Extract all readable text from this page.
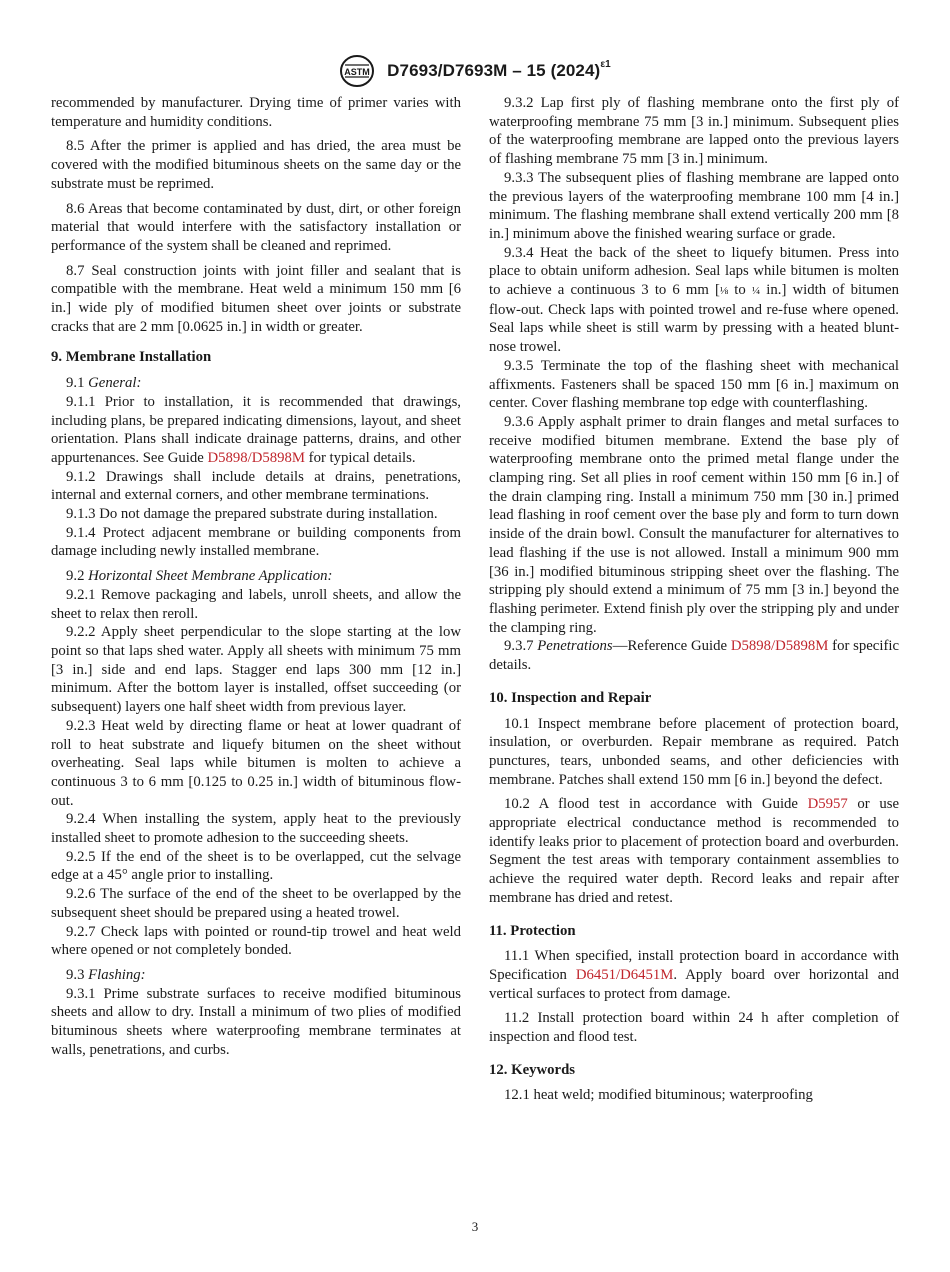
ASTM D7693/D7693M – 15 $(2024)^{\varepsilon 1}$

recommended by manufacturer. Drying time of primer varies with temperature and humidity conditions.

8.5 After the primer is applied and has dried, the area must be covered with the modified bituminous sheets on the same day or the substrate must be reprimed.

8.6 Areas that become contaminated by dust, dirt, or other foreign material that would interfere with the satisfactory installation or performance of the system shall be cleaned and reprimed.

8.7 Seal construction joints with joint filler and sealant that is compatible with the membrane. Heat weld a minimum 150 mm [6 in.] wide ply of modified bitumen sheet over joints or substrate cracks that are 2 mm [0.0625 in.] in width or greater.

9. Membrane Installation

9.1 General:

9.1.1 Prior to installation, it is recommended that drawings, including plans, be prepared indicating dimensions, layout, and sheet orientation. Plans shall indicate drainage patterns, drains, and other appurtenances. See Guide D5898/D5898M for typical details.

9.1.2 Drawings shall include details at drains, penetrations, internal and external corners, and other membrane terminations.

9.1.3 Do not damage the prepared substrate during installation.

9.1.4 Protect adjacent membrane or building components from damage including newly installed membrane.

9.2 Horizontal Sheet Membrane Application:

9.2.1 Remove packaging and labels, unroll sheets, and allow the sheet to relax then reroll.

9.2.2 Apply sheet perpendicular to the slope starting at the low point so that laps shed water. Apply all sheets with minimum 75 mm [3 in.] side and end laps. Stagger end laps 300 mm [12 in.] minimum. After the bottom layer is installed, offset succeeding (or subsequent) layers one half sheet width from previous layer.

9.2.3 Heat weld by directing flame or heat at lower quadrant of roll to heat substrate and liquefy bitumen on the sheet without overheating. Seal laps while bitumen is molten to achieve a continuous 3 to 6 mm [0.125 to 0.25 in.] width of bituminous flow-out.

9.2.4 When installing the system, apply heat to the previously installed sheet to promote adhesion to the succeeding sheets.

9.2.5 If the end of the sheet is to be overlapped, cut the selvage edge at a 45° angle prior to installing.

9.2.6 The surface of the end of the sheet to be overlapped by the subsequent sheet should be prepared using a heated trowel.

9.2.7 Check laps with pointed or round-tip trowel and heat weld where opened or not completely bonded.

9.3 Flashing:

9.3.1 Prime substrate surfaces to receive modified bituminous sheets and allow to dry. Install a minimum of two plies of modified bituminous sheets where waterproofing membrane terminates at walls, penetrations, and curbs.

9.3.2 Lap first ply of flashing membrane onto the first ply of waterproofing membrane 75 mm [3 in.] minimum. Subsequent plies of the waterproofing membrane are lapped onto the previous layers of flashing membrane 75 mm [3 in.] minimum.

9.3.3 The subsequent plies of flashing membrane are lapped onto the previous layers of the waterproofing membrane 100 mm [4 in.] minimum. The flashing membrane shall extend vertically 200 mm [8 in.] minimum above the finished wearing surface or grade.

9.3.4 Heat the back of the sheet to liquefy bitumen. Press into place to obtain uniform adhesion. Seal laps while bitumen is molten to achieve a continuous 3 to 6 mm [⅛ to ¼ in.] width of bitumen flow-out. Check laps with pointed trowel and re-fuse where opened. Seal laps while sheet is still warm by pressing with a heated blunt-nose trowel.

9.3.5 Terminate the top of the flashing sheet with mechanical affixments. Fasteners shall be spaced 150 mm [6 in.] maximum on center. Cover flashing membrane top edge with counterflashing.

9.3.6 Apply asphalt primer to drain flanges and metal surfaces to receive modified bitumen membrane. Extend the base ply of waterproofing membrane onto the primed metal flange under the clamping ring. Set all plies in roof cement within 150 mm [6 in.] of the drain clamping ring. Install a minimum 750 mm [30 in.] primed lead flashing in roof cement over the base ply and form to turn down inside of the drain bowl. Consult the manufacturer for alternatives to lead flashing if the use is not allowed. Install a minimum 900 mm [36 in.] modified bituminous stripping sheet over the flashing. The stripping ply should extend a minimum of 75 mm [3 in.] beyond the flashing perimeter. Extend finish ply over the stripping ply and under the clamping ring.

9.3.7 Penetrations—Reference Guide D5898/D5898M for specific details.

10. Inspection and Repair

10.1 Inspect membrane before placement of protection board, insulation, or overburden. Repair membrane as required. Patch punctures, tears, unbonded seams, and other deficiencies with membrane. Patches shall extend 150 mm [6 in.] beyond the defect.

10.2 A flood test in accordance with Guide D5957 or use appropriate electrical conductance method is recommended to identify leaks prior to placement of protection board and overburden. Segment the test areas with temporary containment assemblies to achieve the required water depth. Record leaks and repair after membrane has dried and retest.

11. Protection

11.1 When specified, install protection board in accordance with Specification D6451/D6451M. Apply board over horizontal and vertical surfaces to protect from damage.

11.2 Install protection board within 24 h after completion of inspection and flood test.

12. Keywords

12.1 heat weld; modified bituminous; waterproofing

3
